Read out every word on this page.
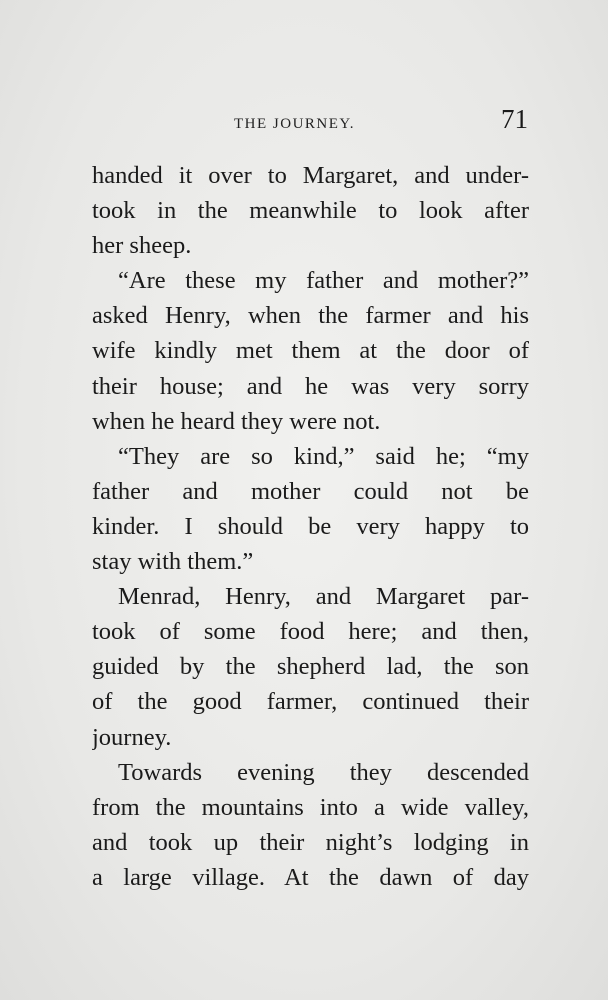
THE JOURNEY.	71
handed it over to Margaret, and under-
took in the meanwhile to look after
her sheep.
“Are these my father and mother?”
asked Henry, when the farmer and his
wife kindly met them at the door of
their house; and he was very sorry
when he heard they were not.
“They are so kind,” said he; “my
father and mother could not be
kinder. I should be very happy to
stay with them.”
Menrad, Henry, and Margaret par-
took of some food here; and then,
guided by the shepherd lad, the son
of the good farmer, continued their
journey.
Towards evening they descended
from the mountains into a wide valley,
and took up their night’s lodging in
a large village. At the dawn of day
